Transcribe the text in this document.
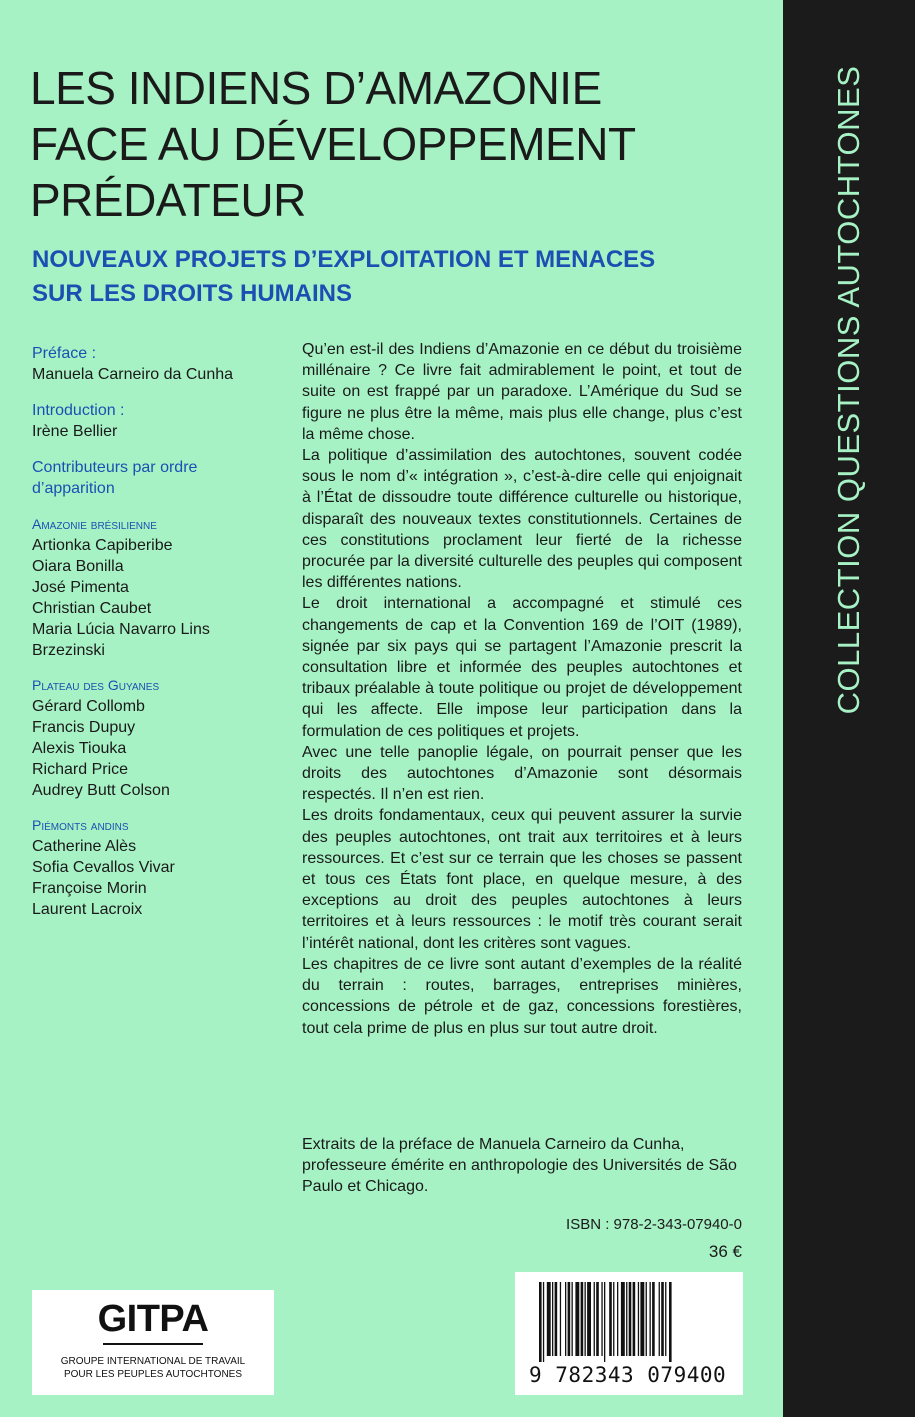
COLLECTION QUESTIONS AUTOCHTONES
LES INDIENS D’AMAZONIE
FACE AU DÉVELOPPEMENT
PRÉDATEUR
NOUVEAUX PROJETS D’EXPLOITATION ET MENACES
SUR LES DROITS HUMAINS
Préface :
Manuela Carneiro da Cunha
Introduction :
Irène Bellier
Contributeurs par ordre d’apparition
Amazonie brésilienne
Artionka Capiberibe
Oiara Bonilla
José Pimenta
Christian Caubet
Maria Lúcia Navarro Lins
Brzezinski
Plateau des Guyanes
Gérard Collomb
Francis Dupuy
Alexis Tiouka
Richard Price
Audrey Butt Colson
Piémonts andins
Catherine Alès
Sofia Cevallos Vivar
Françoise Morin
Laurent Lacroix

Qu’en est-il des Indiens d’Amazonie en ce début du troisième millénaire ? Ce livre fait admirablement le point, et tout de suite on est frappé par un paradoxe. L’Amérique du Sud se figure ne plus être la même, mais plus elle change, plus c’est la même chose.

La politique d’assimilation des autochtones, souvent codée sous le nom d’« intégration », c’est-à-dire celle qui enjoignait à l’État de dissoudre toute différence culturelle ou historique, disparaît des nouveaux textes constitutionnels. Certaines de ces constitutions proclament leur fierté de la richesse procurée par la diversité culturelle des peuples qui composent les différentes nations.

Le droit international a accompagné et stimulé ces changements de cap et la Convention 169 de l’OIT (1989), signée par six pays qui se partagent l’Amazonie prescrit la consultation libre et informée des peuples autochtones et tribaux préalable à toute politique ou projet de développement qui les affecte. Elle impose leur participation dans la formulation de ces politiques et projets.

Avec une telle panoplie légale, on pourrait penser que les droits des autochtones d’Amazonie sont désormais respectés. Il n’en est rien.

Les droits fondamentaux, ceux qui peuvent assurer la survie des peuples autochtones, ont trait aux territoires et à leurs ressources. Et c’est sur ce terrain que les choses se passent et tous ces États font place, en quelque mesure, à des exceptions au droit des peuples autochtones à leurs territoires et à leurs ressources : le motif très courant serait l’intérêt national, dont les critères sont vagues.

Les chapitres de ce livre sont autant d’exemples de la réalité du terrain : routes, barrages, entreprises minières, concessions de pétrole et de gaz, concessions forestières, tout cela prime de plus en plus sur tout autre droit.

Extraits de la préface de Manuela Carneiro da Cunha, professeure émérite en anthropologie des Universités de São Paulo et Chicago.

ISBN : 978-2-343-07940-0
36 €
9 782343 079400
GITPA
GROUPE INTERNATIONAL DE TRAVAIL
POUR LES PEUPLES AUTOCHTONES
